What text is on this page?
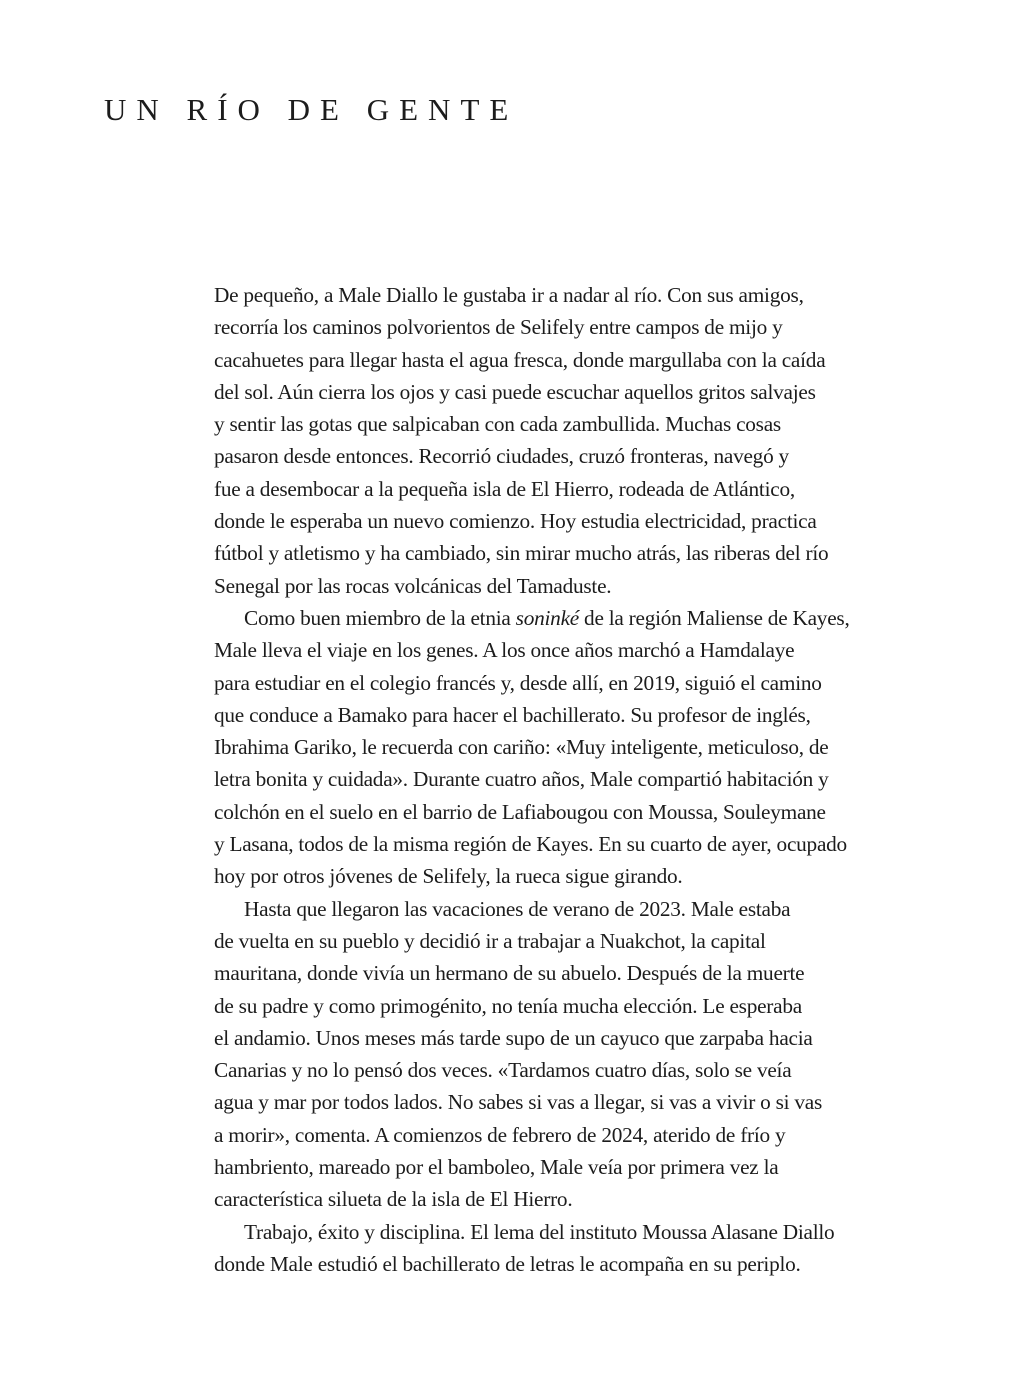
UN RÍO DE GENTE

De pequeño, a Male Diallo le gustaba ir a nadar al río. Con sus amigos,
recorría los caminos polvorientos de Selifely entre campos de mijo y
cacahuetes para llegar hasta el agua fresca, donde margullaba con la caída
del sol. Aún cierra los ojos y casi puede escuchar aquellos gritos salvajes
y sentir las gotas que salpicaban con cada zambullida. Muchas cosas
pasaron desde entonces. Recorrió ciudades, cruzó fronteras, navegó y
fue a desembocar a la pequeña isla de El Hierro, rodeada de Atlántico,
donde le esperaba un nuevo comienzo. Hoy estudia electricidad, practica
fútbol y atletismo y ha cambiado, sin mirar mucho atrás, las riberas del río
Senegal por las rocas volcánicas del Tamaduste.

Como buen miembro de la etnia soninké de la región Maliense de Kayes,
Male lleva el viaje en los genes. A los once años marchó a Hamdalaye
para estudiar en el colegio francés y, desde allí, en 2019, siguió el camino
que conduce a Bamako para hacer el bachillerato. Su profesor de inglés,
Ibrahima Gariko, le recuerda con cariño: «Muy inteligente, meticuloso, de
letra bonita y cuidada». Durante cuatro años, Male compartió habitación y
colchón en el suelo en el barrio de Lafiabougou con Moussa, Souleymane
y Lasana, todos de la misma región de Kayes. En su cuarto de ayer, ocupado
hoy por otros jóvenes de Selifely, la rueca sigue girando.

Hasta que llegaron las vacaciones de verano de 2023. Male estaba
de vuelta en su pueblo y decidió ir a trabajar a Nuakchot, la capital
mauritana, donde vivía un hermano de su abuelo. Después de la muerte
de su padre y como primogénito, no tenía mucha elección. Le esperaba
el andamio. Unos meses más tarde supo de un cayuco que zarpaba hacia
Canarias y no lo pensó dos veces. «Tardamos cuatro días, solo se veía
agua y mar por todos lados. No sabes si vas a llegar, si vas a vivir o si vas
a morir», comenta. A comienzos de febrero de 2024, aterido de frío y
hambriento, mareado por el bamboleo, Male veía por primera vez la
característica silueta de la isla de El Hierro.

Trabajo, éxito y disciplina. El lema del instituto Moussa Alasane Diallo
donde Male estudió el bachillerato de letras le acompaña en su periplo.
